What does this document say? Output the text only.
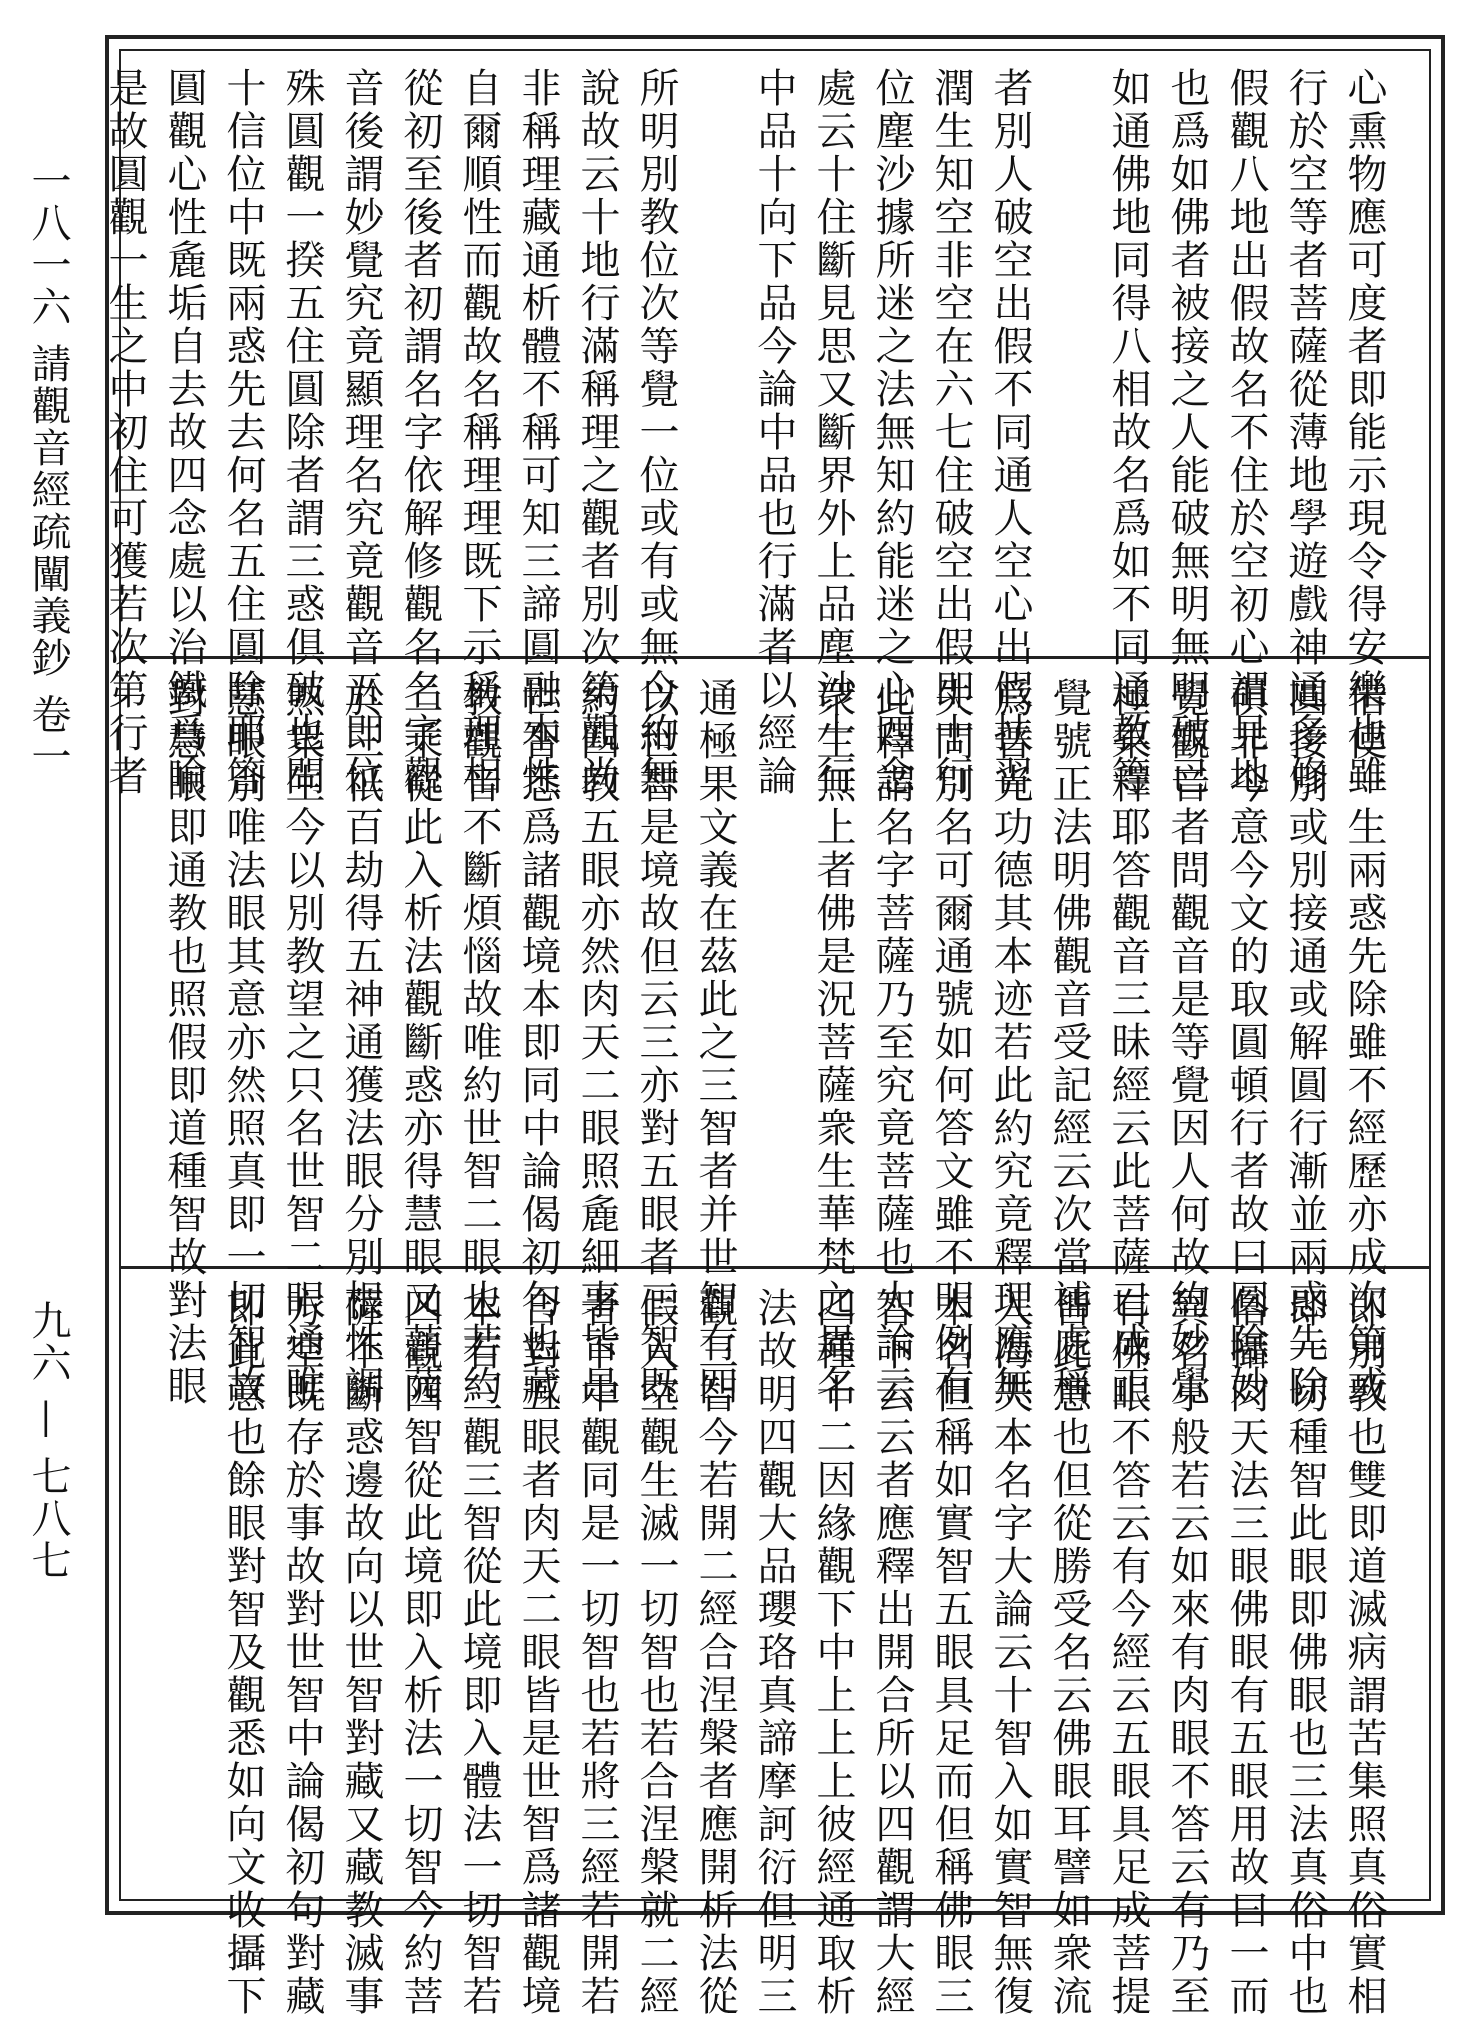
一八一六 請觀音經疏闡義鈔 卷一
九六 — 七八七
心熏物應可度者即能示現令得安樂也雖
行於空等者菩薩從薄地學遊戲神通多修
假觀八地出假故名不住於空初心謂見地
也爲如佛者被接之人能破無明無明破已
如通佛地同得八相故名爲如不同通教等

者別人破空出假不同通人空心出假扶習
潤生知空非空在六七住破空出假即十行
位塵沙據所迷之法無知約能迷之心四念
處云十住斷見思又斷界外上品塵沙十行
中品十向下品今論中品也行滿者以經論

所明別教位次等覺一位或有或無今約無
說故云十地行滿稱理之觀者別次第觀尚
非稱理藏通析體不稱可知三諦圓融本性
自爾順性而觀故名稱理理既下示稱理相
從初至後者初謂名字依解修觀名名字觀
音後謂妙覺究竟顯理名究竟觀音五即位
殊圓觀一揆五住圓除者謂三惑俱破也問
十信位中既兩惑先去何名五住圓除耶答
圓觀心性麁垢自去故四念處以治鐵爲喻
是故圓觀一生之中初住可獲若次第行者
借使一生兩惑先除雖不經歷亦成次第或
圓接別或別接通或解圓行漸並兩惑先除
俱非今意今文的取圓頓行者故曰圓除妙
覺觀音者問觀音是等覺因人何故約妙覺
極果釋耶答觀音三昧經云此菩薩已成正
覺號正法明佛觀音受記經云次當補處稱
爲普光功德其本迹若此約究竟釋理應無
失問別名可爾通號如何答文雖不明例有
此釋謂名字菩薩乃至究竟菩薩也大論云
衆生無上者佛是況菩薩衆生華梵之異名

通極果文義在茲此之三智者并世智有四
以世智是境故但云三亦對五眼者三智既
約四教五眼亦然肉天二眼照麁細事皆是
世智悉爲諸觀境本即同中論偈初句也藏
教觀音不斷煩惱故唯約世智二眼也若約
二乘從此入析法觀斷惑亦得慧眼又菩薩
於三祇百劫得五神通獲法眼分別根性調
熟衆生今以別教望之只名世智二眼通唯
慧眼別唯法眼其意亦然照真即一切智故
對慧眼即通教也照假即道種智故對法眼
即別教也雙即道滅病謂苦集照真俗實相
即一切種智此眼即佛眼也三法真俗中也
俗攝肉天法三眼佛眼有五眼用故曰一而
異名小般若云如來有肉眼不答云有乃至
有佛眼不答云有今經云五眼具足成菩提
皆此意也但從勝受名云佛眼耳譬如衆流
入海失本名字大論云十智入如實智無復
本名但稱如實智五眼具足而但稱佛眼三
智下云云者應釋出開合所以四觀謂大經
四種十二因緣觀下中上上上彼經通取析
法故明四觀大品瓔珞真諦摩訶衍但明三
觀三智今若開二經合涅槃者應開析法從
假入空觀生滅一切智也若合涅槃就二經
者下中觀同是一切智也若將三經若開若
合對五眼者肉天二眼皆是世智爲諸觀境
本若三觀三智從此境即入體法一切智若
四觀四智從此境即入析法一切智今約菩
薩不斷惑邊故向以世智對藏又藏教滅事
方空既存於事故對世智中論偈初句對藏
即此意也餘眼對智及觀悉如向文收攝下
